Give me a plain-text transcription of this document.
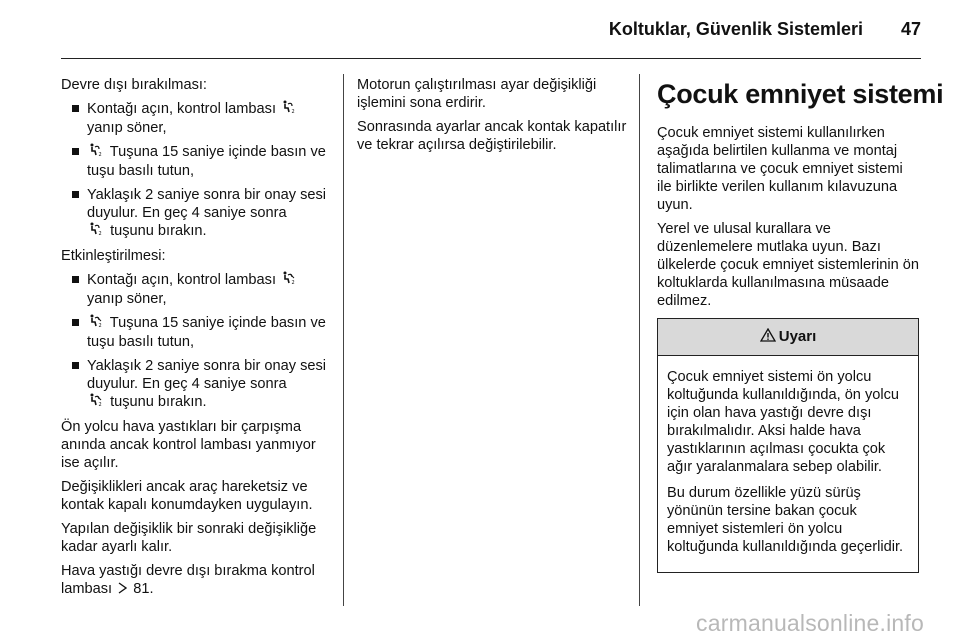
Koltuklar, Güvenlik Sistemleri 47

Devre dışı bırakılması:

Kontağı açın, kontrol lambası	2

yanıp söner,
2 Tuşuna 15 saniye içinde basın ve tuşu basılı tutun,
Yaklaşık 2 saniye sonra bir onay sesi duyulur. En geç 4 saniye sonra

2 tuşunu bırakın.

Etkinleştirilmesi:

Kontağı açın, kontrol lambası	2

yanıp söner,
2 Tuşuna 15 saniye içinde basın ve tuşu basılı tutun,
Yaklaşık 2 saniye sonra bir onay sesi duyulur. En geç 4 saniye sonra

2 tuşunu bırakın.

Ön yolcu hava yastıkları bir çarpışma anında ancak kontrol lambası yanmıyor ise açılır.

Değişiklikleri ancak araç hareketsiz ve kontak kapalı konumdayken uygulayın.

Yapılan değişiklik bir sonraki değişikliğe kadar ayarlı kalır.

Hava yastığı devre dışı bırakma kontrol lambası 81.

Motorun çalıştırılması ayar değişikliği işlemini sona erdirir.

Sonrasında ayarlar ancak kontak kapatılır ve tekrar açılırsa değiştirilebilir.

Çocuk emniyet sistemi

Çocuk emniyet sistemi kullanılırken aşağıda belirtilen kullanma ve montaj talimatlarına ve çocuk emniyet sistemi ile birlikte verilen kullanım kılavuzuna uyun.

Yerel ve ulusal kurallara ve düzenlemelere mutlaka uyun. Bazı ülkelerde çocuk emniyet sistemlerinin ön koltuklarda kullanılmasına müsaade edilmez.

Uyarı

Çocuk emniyet sistemi ön yolcu koltuğunda kullanıldığında, ön yolcu için olan hava yastığı devre dışı bırakılmalıdır. Aksi halde hava yastıklarının açılması çocukta çok ağır yaralanmalara sebep olabilir.

Bu durum özellikle yüzü sürüş yönünün tersine bakan çocuk emniyet sistemleri ön yolcu koltuğunda kullanıldığında geçerlidir.

carmanualsonline.info
